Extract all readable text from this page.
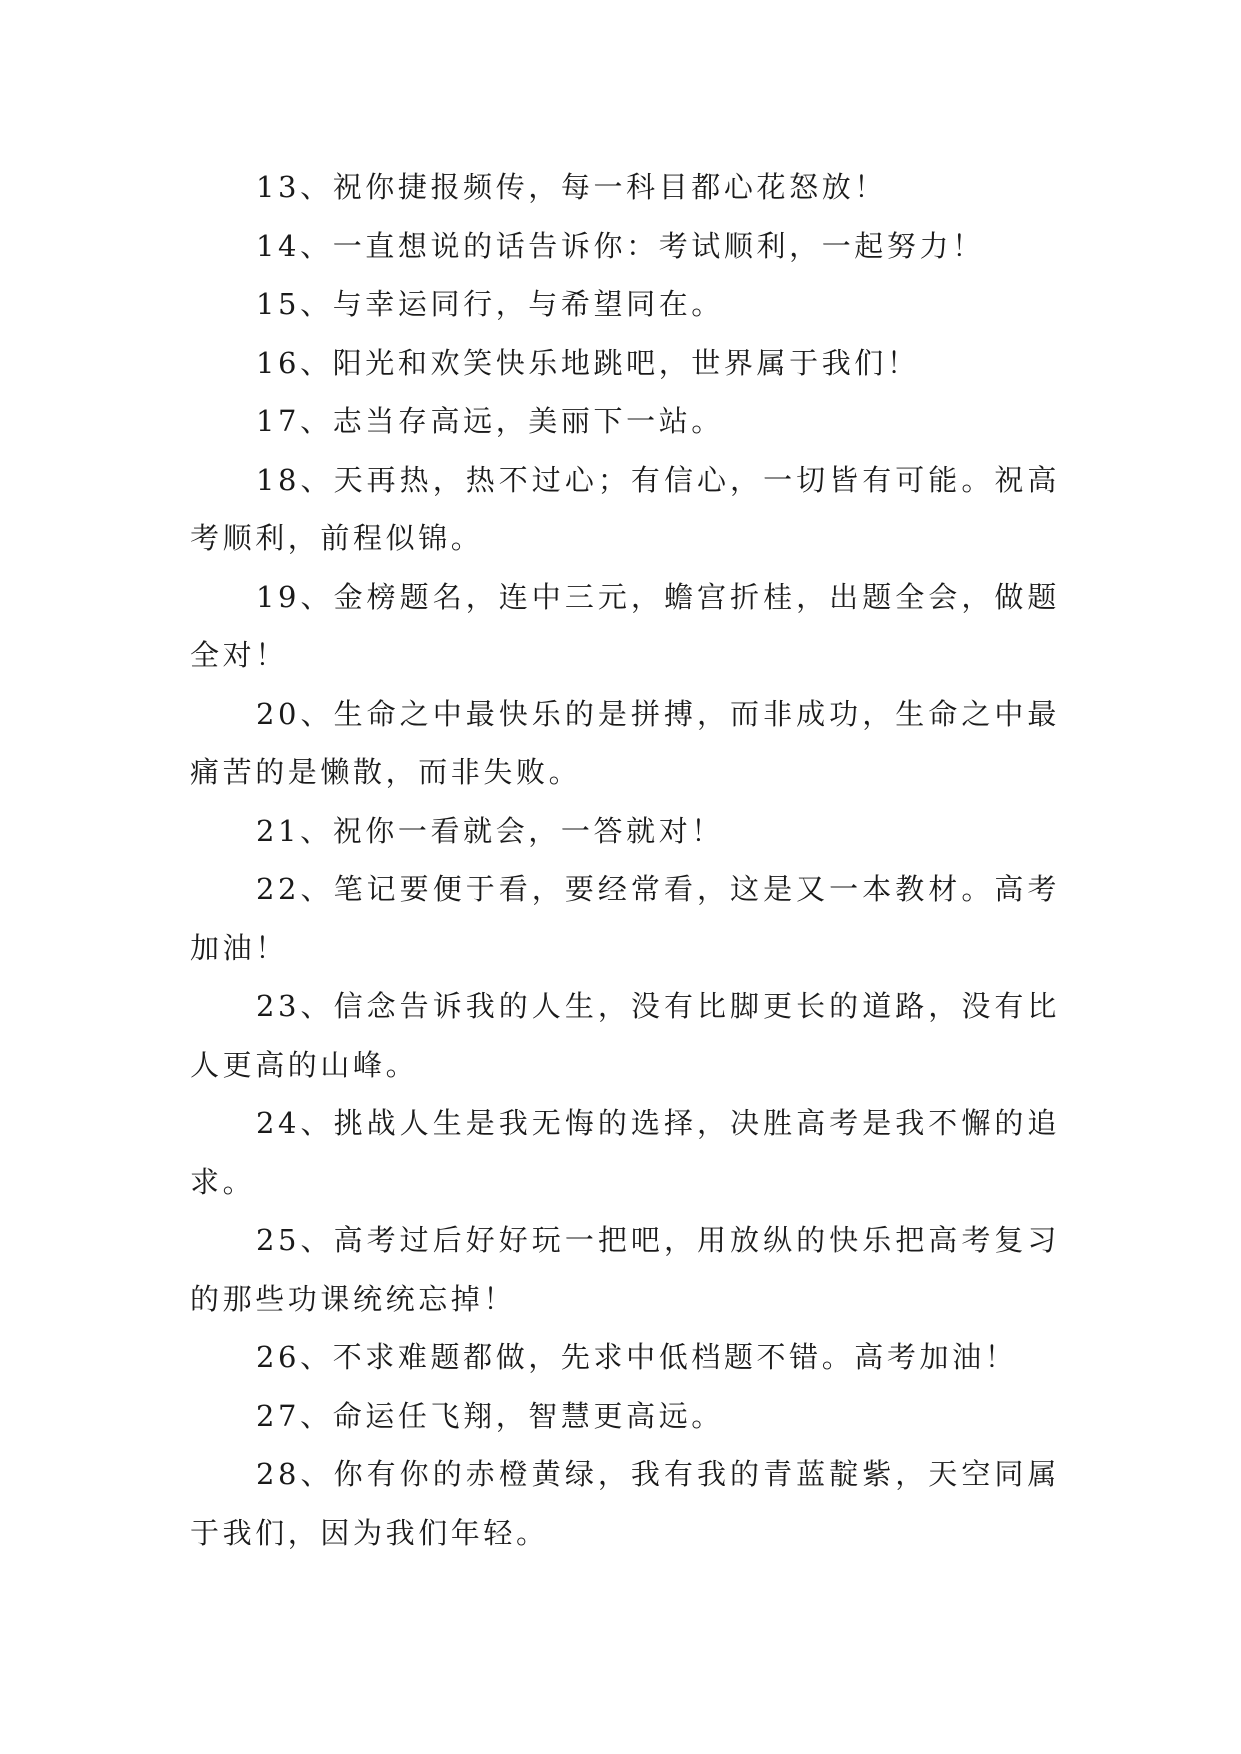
13、祝你捷报频传，每一科目都心花怒放！

14、一直想说的话告诉你：考试顺利，一起努力！

15、与幸运同行，与希望同在。

16、阳光和欢笑快乐地跳吧，世界属于我们！

17、志当存高远，美丽下一站。

18、天再热，热不过心；有信心，一切皆有可能。祝高考顺利，前程似锦。

19、金榜题名，连中三元，蟾宫折桂，出题全会，做题全对！

20、生命之中最快乐的是拼搏，而非成功，生命之中最痛苦的是懒散，而非失败。

21、祝你一看就会，一答就对！

22、笔记要便于看，要经常看，这是又一本教材。高考加油！

23、信念告诉我的人生，没有比脚更长的道路，没有比人更高的山峰。

24、挑战人生是我无悔的选择，决胜高考是我不懈的追求。

25、高考过后好好玩一把吧，用放纵的快乐把高考复习的那些功课统统忘掉！

26、不求难题都做，先求中低档题不错。高考加油！

27、命运任飞翔，智慧更高远。

28、你有你的赤橙黄绿，我有我的青蓝靛紫，天空同属于我们，因为我们年轻。
